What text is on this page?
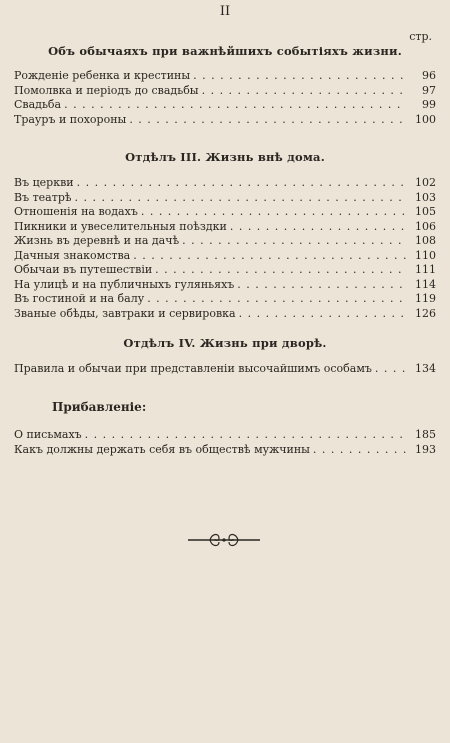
II
стр.
Объ обычаяхъ при важнѣйшихъ событіяхъ жизни.
Рожденіе ребенка и крестины . . .	96
Помолвка и періодъ до свадьбы . . .	97
Свадьба . . .	99
Трауръ и похороны . . .	100
Отдѣлъ III. Жизнь внѣ дома.
Въ церкви . . .	102
Въ театрѣ . . .	103
Отношенія на водахъ . . .	105
Пикники и увеселительныя поѣздки . . .	106
Жизнь въ деревнѣ и на дачѣ . . .	108
Дачныя знакомства . . .	110
Обычаи въ путешествіи . . .	111
На улицѣ и на публичныхъ гуляньяхъ . . .	114
Въ гостиной и на балу . . .	119
Званые обѣды, завтраки и сервировка . . .	126
Отдѣлъ IV. Жизнь при дворѣ.
Правила и обычаи при представленіи высочайшимъ особамъ . . .	134
Прибавленіе:
О письмахъ . . .	185
Какъ должны держать себя въ обществѣ мужчины . . .	193
